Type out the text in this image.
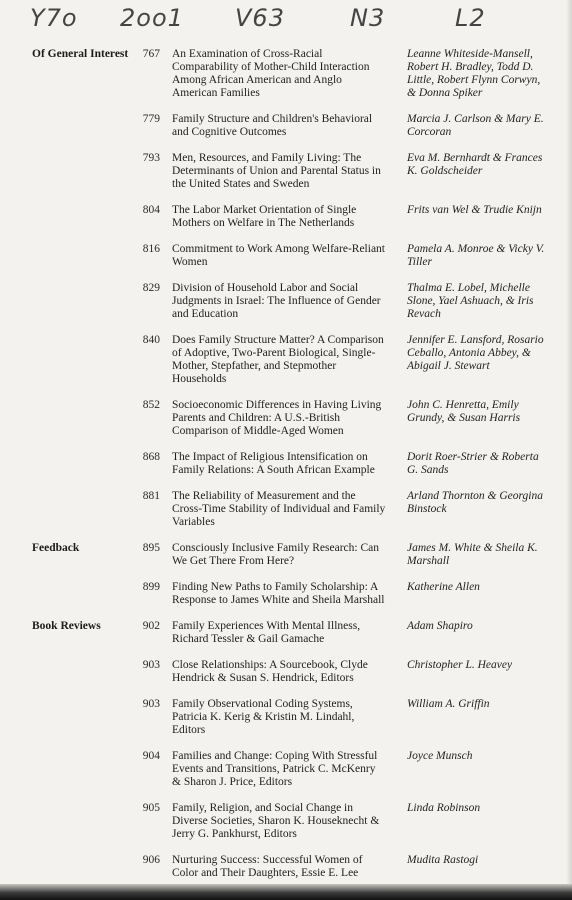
Y7o 2oo1 V63	N3	L2
Of General Interest	767 An Examination of Cross-Racial Comparability of Mother-Child Interaction Among African American and Anglo American Families
Leanne Whiteside-Mansell, Robert H. Bradley, Todd D. Little, Robert Flynn Corwyn, & Donna Spiker
779 Family Structure and Children's Behavioral and Cognitive Outcomes
Marcia J. Carlson & Mary E. Corcoran
793 Men, Resources, and Family Living: The Determinants of Union and Parental Status in the United States and Sweden
Eva M. Bernhardt & Frances K. Goldscheider
804 The Labor Market Orientation of Single Mothers on Welfare in The Netherlands
Frits van Wel & Trudie Knijn
816 Commitment to Work Among Welfare-Reliant Women
Pamela A. Monroe & Vicky V. Tiller
829 Division of Household Labor and Social Judgments in Israel: The Influence of Gender and Education
Thalma E. Lobel, Michelle Slone, Yael Ashuach, & Iris Revach
840 Does Family Structure Matter? A Comparison of Adoptive, Two-Parent Biological, Single-Mother, Stepfather, and Stepmother Households
Jennifer E. Lansford, Rosario Ceballo, Antonia Abbey, & Abigail J. Stewart
852 Socioeconomic Differences in Having Living Parents and Children: A U.S.-British Comparison of Middle-Aged Women
John C. Henretta, Emily Grundy, & Susan Harris
868 The Impact of Religious Intensification on Family Relations: A South African Example
Dorit Roer-Strier & Roberta G. Sands
881 The Reliability of Measurement and the Cross-Time Stability of Individual and Family Variables
Arland Thornton & Georgina Binstock
Feedback	895 Consciously Inclusive Family Research: Can We Get There From Here?
James M. White & Sheila K. Marshall
899 Finding New Paths to Family Scholarship: A Response to James White and Sheila Marshall
Katherine Allen
Book Reviews	902 Family Experiences With Mental Illness, Richard Tessler & Gail Gamache
Adam Shapiro
903 Close Relationships: A Sourcebook, Clyde Hendrick & Susan S. Hendrick, Editors
Christopher L. Heavey
903 Family Observational Coding Systems, Patricia K. Kerig & Kristin M. Lindahl, Editors
William A. Griffin
904 Families and Change: Coping With Stressful Events and Transitions, Patrick C. McKenry & Sharon J. Price, Editors
Joyce Munsch
905 Family, Religion, and Social Change in Diverse Societies, Sharon K. Houseknecht & Jerry G. Pankhurst, Editors
Linda Robinson
906 Nurturing Success: Successful Women of Color and Their Daughters, Essie E. Lee
Mudita Rastogi
